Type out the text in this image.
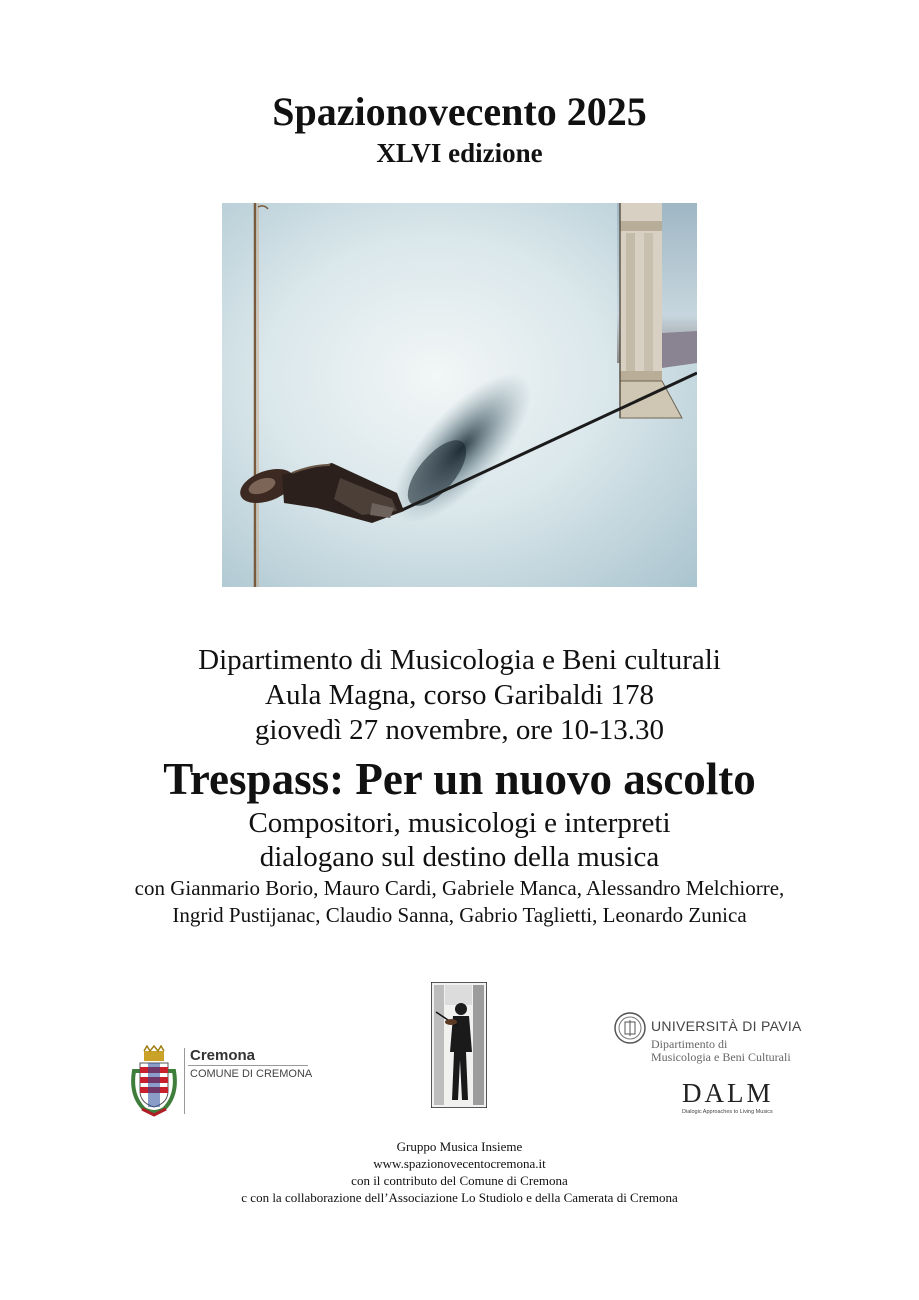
Spazionovecento 2025
XLVI edizione
Dipartimento di Musicologia e Beni culturali
Aula Magna, corso Garibaldi 178
giovedì 27 novembre, ore 10-13.30
Trespass: Per un nuovo ascolto
Compositori, musicologi e interpreti
dialogano sul destino della musica
con Gianmario Borio, Mauro Cardi, Gabriele Manca, Alessandro Melchiorre,
Ingrid Pustijanac, Claudio Sanna, Gabrio Taglietti, Leonardo Zunica
Cremona
COMUNE DI CREMONA
UNIVERSITÀ DI PAVIA
Dipartimento di
Musicologia e Beni Culturali
DALM
Dialogic Approaches to Living Musics
Gruppo Musica Insieme
www.spazionovecentocremona.it
con il contributo del Comune di Cremona
c con la collaborazione dell’Associazione Lo Studiolo e della Camerata di Cremona
